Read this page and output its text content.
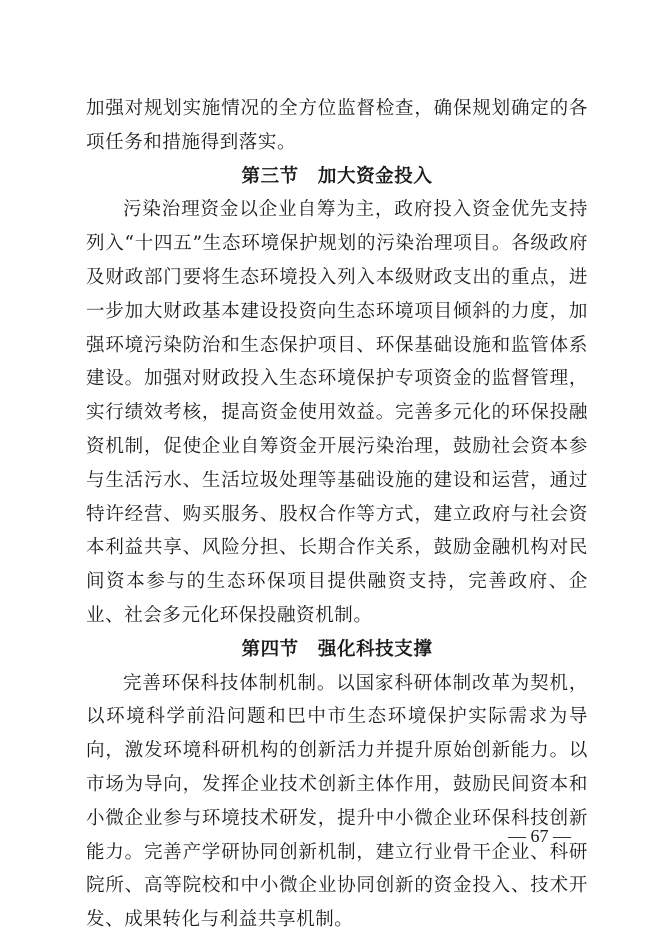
加强对规划实施情况的全方位监督检查，确保规划确定的各项任务和措施得到落实。

第三节　加大资金投入

污染治理资金以企业自筹为主，政府投入资金优先支持列入“十四五”生态环境保护规划的污染治理项目。各级政府及财政部门要将生态环境投入列入本级财政支出的重点，进一步加大财政基本建设投资向生态环境项目倾斜的力度，加强环境污染防治和生态保护项目、环保基础设施和监管体系建设。加强对财政投入生态环境保护专项资金的监督管理，实行绩效考核，提高资金使用效益。完善多元化的环保投融资机制，促使企业自筹资金开展污染治理，鼓励社会资本参与生活污水、生活垃圾处理等基础设施的建设和运营，通过特许经营、购买服务、股权合作等方式，建立政府与社会资本利益共享、风险分担、长期合作关系，鼓励金融机构对民间资本参与的生态环保项目提供融资支持，完善政府、企业、社会多元化环保投融资机制。

第四节　强化科技支撑

完善环保科技体制机制。以国家科研体制改革为契机，以环境科学前沿问题和巴中市生态环境保护实际需求为导向，激发环境科研机构的创新活力并提升原始创新能力。以市场为导向，发挥企业技术创新主体作用，鼓励民间资本和小微企业参与环境技术研发，提升中小微企业环保科技创新能力。完善产学研协同创新机制，建立行业骨干企业、科研院所、高等院校和中小微企业协同创新的资金投入、技术开发、成果转化与利益共享机制。

— 67 —
